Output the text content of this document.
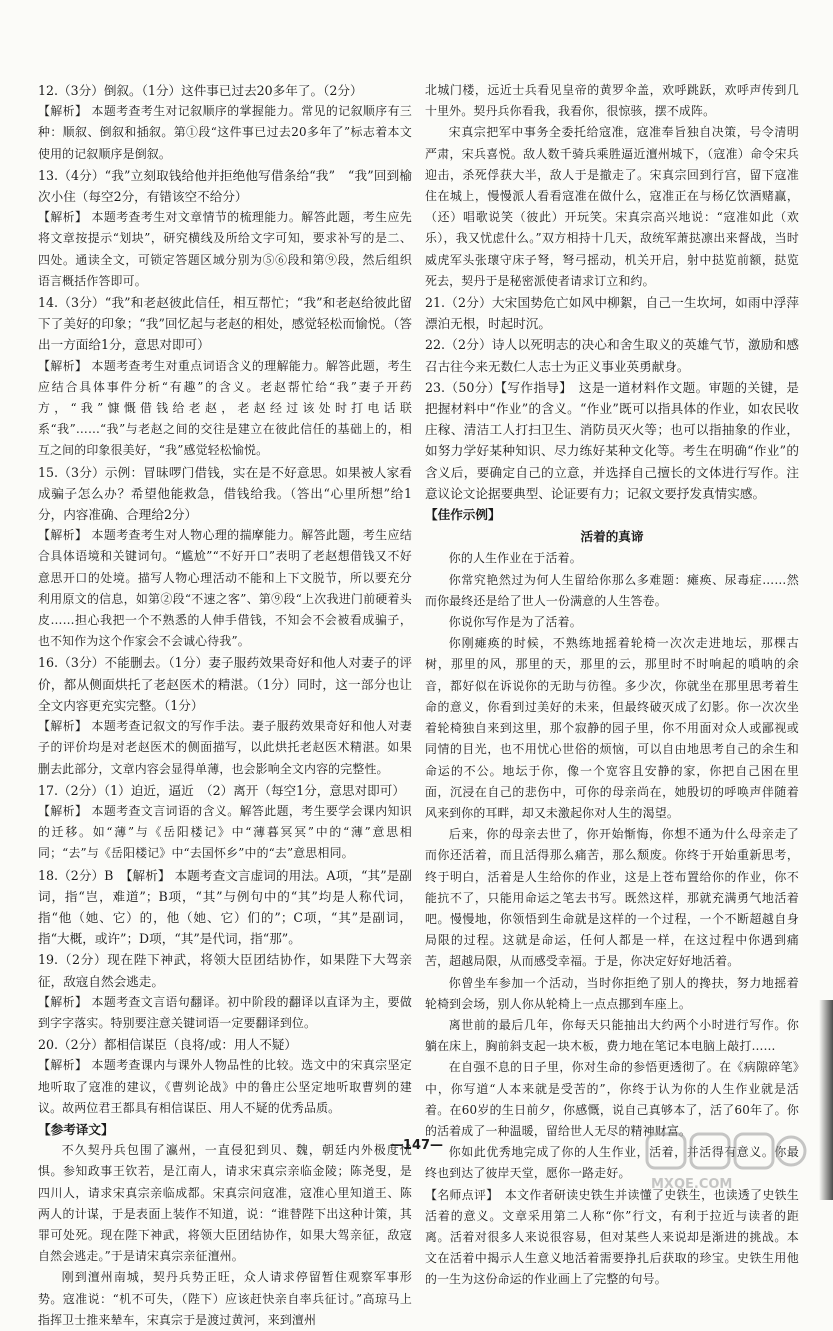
12.（3分）倒叙。（1分）这件事已过去20多年了。（2分）

【解析】 本题考查考生对记叙顺序的掌握能力。常见的记叙顺序有三种：顺叙、倒叙和插叙。第①段“这件事已过去20多年了”标志着本文使用的记叙顺序是倒叙。

13.（4分）“我”立刻取钱给他并拒绝他写借条给“我”　“我”回到榆次小住（每空2分，有错该空不给分）

【解析】 本题考查考生对文章情节的梳理能力。解答此题，考生应先将文章按提示“划块”，研究横线及所给文字可知，要求补写的是二、四处。通读全文，可锁定答题区域分别为⑤⑥段和第⑨段，然后组织语言概括作答即可。

14.（3分）“我”和老赵彼此信任，相互帮忙；“我”和老赵给彼此留下了美好的印象；“我”回忆起与老赵的相处，感觉轻松而愉悦。（答出一方面给1分，意思对即可）

【解析】 本题考查考生对重点词语含义的理解能力。解答此题，考生应结合具体事件分析“有趣”的含义。老赵帮忙给“我”妻子开药方，“我”慷慨借钱给老赵，老赵经过该处时打电话联系“我”……“我”与老赵之间的交往是建立在彼此信任的基础上的，相互之间的印象很美好，“我”感觉轻松愉悦。

15.（3分）示例：冒昧啰门借钱，实在是不好意思。如果被人家看成骗子怎么办？希望他能救急，借钱给我。（答出“心里所想”给1分，内容准确、合理给2分）

【解析】 本题考查考生对人物心理的揣摩能力。解答此题，考生应结合具体语境和关键词句。“尴尬”“不好开口”表明了老赵想借钱又不好意思开口的处境。描写人物心理活动不能和上下文脱节，所以要充分利用原文的信息，如第②段“不速之客”、第⑨段“上次我进门前硬着头皮……担心我把一个不熟悉的人伸手借钱，不知会不会被看成骗子，也不知作为这个作家会不会诚心待我”。

16.（3分）不能删去。（1分）妻子服药效果奇好和他人对妻子的评价，都从侧面烘托了老赵医术的精湛。（1分）同时，这一部分也让全文内容更充实完整。（1分）

【解析】 本题考查记叙文的写作手法。妻子服药效果奇好和他人对妻子的评价均是对老赵医术的侧面描写，以此烘托老赵医术精湛。如果删去此部分，文章内容会显得单薄，也会影响全文内容的完整性。

17.（2分）（1）迫近，逼近　（2）离开（每空1分，意思对即可）

【解析】 本题考查文言词语的含义。解答此题，考生要学会课内知识的迁移。如“薄”与《岳阳楼记》中“薄暮冥冥”中的“薄”意思相同；“去”与《岳阳楼记》中“去国怀乡”中的“去”意思相同。

18.（2分）B　【解析】 本题考查文言虚词的用法。A项，“其”是副词，指“岂，难道”；B项，“其”与例句中的“其”均是人称代词，指“他（她、它）的，他（她、它）们的”；C项，“其”是副词，指“大概，或许”；D项，“其”是代词，指“那”。

19.（2分）现在陛下神武，将领大臣团结协作，如果陛下大驾亲征，敌寇自然会逃走。

【解析】 本题考查文言语句翻译。初中阶段的翻译以直译为主，要做到字字落实。特别要注意关键词语一定要翻译到位。

20.（2分）都相信谋臣（良将/或：用人不疑）

【解析】 本题考查课内与课外人物品性的比较。选文中的宋真宗坚定地听取了寇准的建议，《曹刿论战》中的鲁庄公坚定地听取曹刿的建议。故两位君王都具有相信谋臣、用人不疑的优秀品质。

【参考译文】

不久契丹兵包围了瀛州，一直侵犯到贝、魏，朝廷内外极度忧惧。参知政事王钦若，是江南人，请求宋真宗亲临金陵；陈尧叟，是四川人，请求宋真宗亲临成都。宋真宗问寇准，寇准心里知道王、陈两人的计谋，于是表面上装作不知道，说：“谁替陛下出这种计策，其罪可处死。现在陛下神武，将领大臣团结协作，如果大驾亲征，敌寇自然会逃走。”于是请宋真宗亲征澶州。

刚到澶州南城，契丹兵势正旺，众人请求停留暂住观察军事形势。寇准说：“机不可失，（陛下）应该赶快亲自率兵征讨。”高琼马上指挥卫士推来辇车，宋真宗于是渡过黄河，来到澶州

北城门楼，远近士兵看见皇帝的黄罗伞盖，欢呼跳跃，欢呼声传到几十里外。契丹兵你看我，我看你，很惊骇，摆不成阵。

宋真宗把军中事务全委托给寇准，寇准奉旨独自决策，号令清明严肃，宋兵喜悦。敌人数千骑兵乘胜逼近澶州城下，（寇准）命令宋兵迎击，杀死俘获大半，敌人于是撤走了。宋真宗回到行宫，留下寇准住在城上，慢慢派人看看寇准在做什么，寇准正在与杨亿饮酒赌赢，（还）唱歌说笑（彼此）开玩笑。宋真宗高兴地说：“寇准如此（欢乐），我又忧虑什么。”双方相持十几天，敌统军萧挞凛出来督战，当时威虎军头张瓌守床子弩，弩弓摇动，机关开启，射中挞览前额，挞览死去，契丹于是秘密派使者请求订立和约。

21.（2分）大宋国势危亡如风中柳絮，自己一生坎坷，如雨中浮萍漂泊无根，时起时沉。

22.（2分）诗人以死明志的决心和舍生取义的英雄气节，激励和感召古往今来无数仁人志士为正义事业英勇献身。

23.（50分）【写作指导】　这是一道材料作文题。审题的关键，是把握材料中“作业”的含义。“作业”既可以指具体的作业，如农民收庄稼、清洁工人打扫卫生、消防员灭火等；也可以指抽象的作业，如努力学好某种知识、尽力练好某种文化等。考生在明确“作业”的含义后，要确定自己的立意，并选择自己擅长的文体进行写作。注意议论文论据要典型、论证要有力；记叙文要抒发真情实感。

【佳作示例】

活着的真谛

你的人生作业在于活着。

你常究艳然过为何人生留给你那么多难题：瘫痪、尿毒症……然而你最终还是给了世人一份满意的人生答卷。

你说你写作是为了活着。

你刚瘫痪的时候，不熟练地摇着轮椅一次次走进地坛，那棵古树，那里的风，那里的天，那里的云，那里时不时响起的嗩呐的余音，都好似在诉说你的无助与彷徨。多少次，你就坐在那里思考着生命的意义，你看到过美好的未来，但最终破灭成了幻影。你一次次坐着轮椅独自来到这里，那个寂静的园子里，你不用面对众人或鄙视或同情的目光，也不用忧心世俗的烦恼，可以自由地思考自己的余生和命运的不公。地坛于你，像一个宽容且安静的家，你把自己困在里面，沉浸在自己的悲伤中，可你的母亲尚在，她殷切的呼唤声伴随着风来到你的耳畔，却又未激起你对人生的渴望。

后来，你的母亲去世了，你开始惭悔，你想不通为什么母亲走了而你还活着，而且活得那么痛苦，那么颓废。你终于开始重新思考，终于明白，活着是人生给你的作业，这是上苍布置给你的作业，你不能抗不了，只能用命运之笔去书写。既然这样，那就充满勇气地活着吧。慢慢地，你领悟到生命就是这样的一个过程，一个不断超越自身局限的过程。这就是命运，任何人都是一样，在这过程中你遇到痛苦，超越局限，从而感受幸福。于是，你决定好好地活着。

你曾坐车参加一个活动，当时你拒绝了别人的搀扶，努力地摇着轮椅到会场，别人你从轮椅上一点点挪到车座上。

离世前的最后几年，你每天只能抽出大约两个小时进行写作。你躺在床上，胸前斜支起一块木板，费力地在笔记本电脑上敲打……

在自强不息的日子里，你对生命的参悟更透彻了。在《病隙碎笔》中，你写道“人本来就是受苦的”，你终于认为你的人生作业就是活着。在60岁的生日前夕，你感慨，说自己真够本了，活了60年了。你的活着成了一种温暖，留给世人无尽的精神财富。

你如此优秀地完成了你的人生作业，活着，并活得有意义。你最终也到达了彼岸天堂，愿你一路走好。

【名师点评】　本文作者研读史铁生并读懂了史铁生，也读透了史铁生活着的意义。文章采用第二人称“你”行文，有利于拉近与读者的距离。活着对很多人来说很容易，但对某些人来说却是渐进的挑战。本文在活着中揭示人生意义地活着需要挣扎后获取的珍宝。史铁生用他的一生为这份命运的作业画上了完整的句号。

—147—
MXQE.COM
